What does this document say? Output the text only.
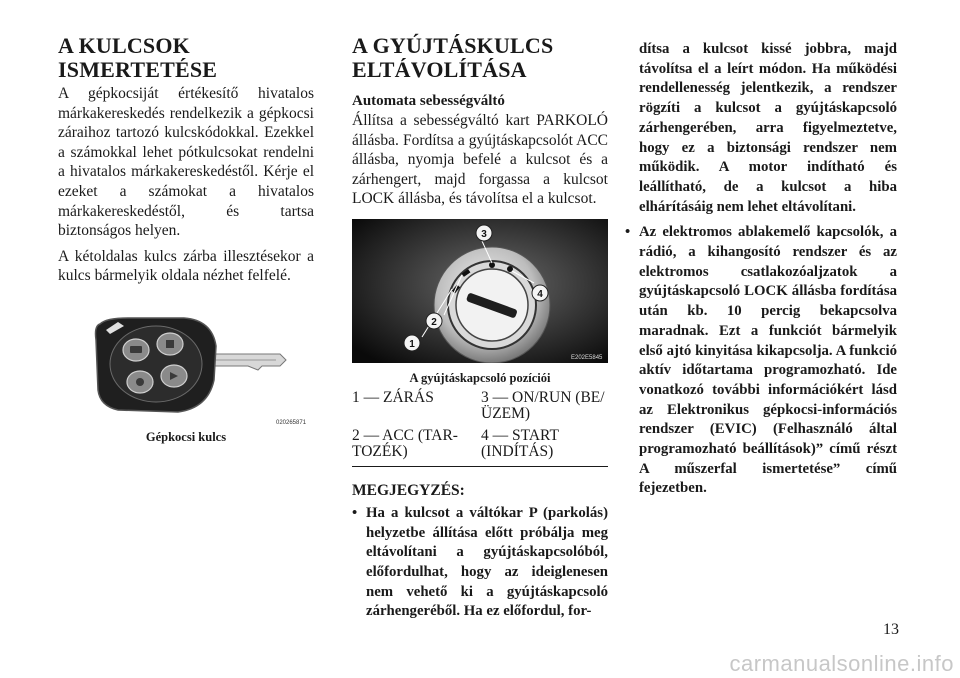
A KULCSOK
ISMERTETÉSE

A gépkocsiját értékesítő hivatalos márkakereskedés rendelkezik a gépkocsi záraihoz tartozó kulcskódokkal. Ezekkel a számokkal lehet pótkulcsokat rendelni a hivatalos márkakereskedéstől. Kérje el ezeket a számokat a hivatalos márkakereskedéstől, és tartsa biztonságos helyen.

A kétoldalas kulcs zárba illesztésekor a kulcs bármelyik oldala nézhet felfelé.

020265871

Gépkocsi kulcs

A GYÚJTÁSKULCS
ELTÁVOLÍTÁSA

Automata sebességváltó

Állítsa a sebességváltó kart PARKOLÓ állásba. Fordítsa a gyújtáskapcsolót ACC állásba, nyomja befelé a kulcsot és a zárhengert, majd forgassa a kulcsot LOCK állásba, és távolítsa el a kulcsot.

1
2
3
4
E202E5845

A gyújtáskapcsoló pozíciói

1 — ZÁRÁS	3 — ON/RUN (BE/ÜZEM)
2 — ACC (TAR-TOZÉK)
4 — START (INDÍTÁS)
MEGJEGYZÉS:
• Ha a kulcsot a váltókar P (parkolás) helyzetbe állítása előtt próbálja meg eltávolítani a gyújtáskapcsolóból, előfordulhat, hogy az ideiglenesen nem vehető ki a gyújtáskapcsoló zárhengeréből. Ha ez előfordul, for-

dítsa a kulcsot kissé jobbra, majd távolítsa el a leírt módon. Ha működési rendellenesség jelentkezik, a rendszer rögzíti a kulcsot a gyújtáskapcsoló zárhengerében, arra figyelmeztetve, hogy ez a biztonsági rendszer nem működik. A motor indítható és leállítható, de a kulcsot a hiba elhárításáig nem lehet eltávolítani.

• Az elektromos ablakemelő kapcsolók, a rádió, a kihangosító rendszer és az elektromos csatlakozóaljzatok a gyújtáskapcsoló LOCK állásba fordítása után kb. 10 percig bekapcsolva maradnak. Ezt a funkciót bármelyik első ajtó kinyitása kikapcsolja. A funkció aktív időtartama programozható. Ide vonatkozó további információkért lásd az Elektronikus gépkocsi-információs rendszer (EVIC) (Felhasználó által programozható beállítások)” című részt A műszerfal ismertetése” című fejezetben.
13
carmanualsonline.info
